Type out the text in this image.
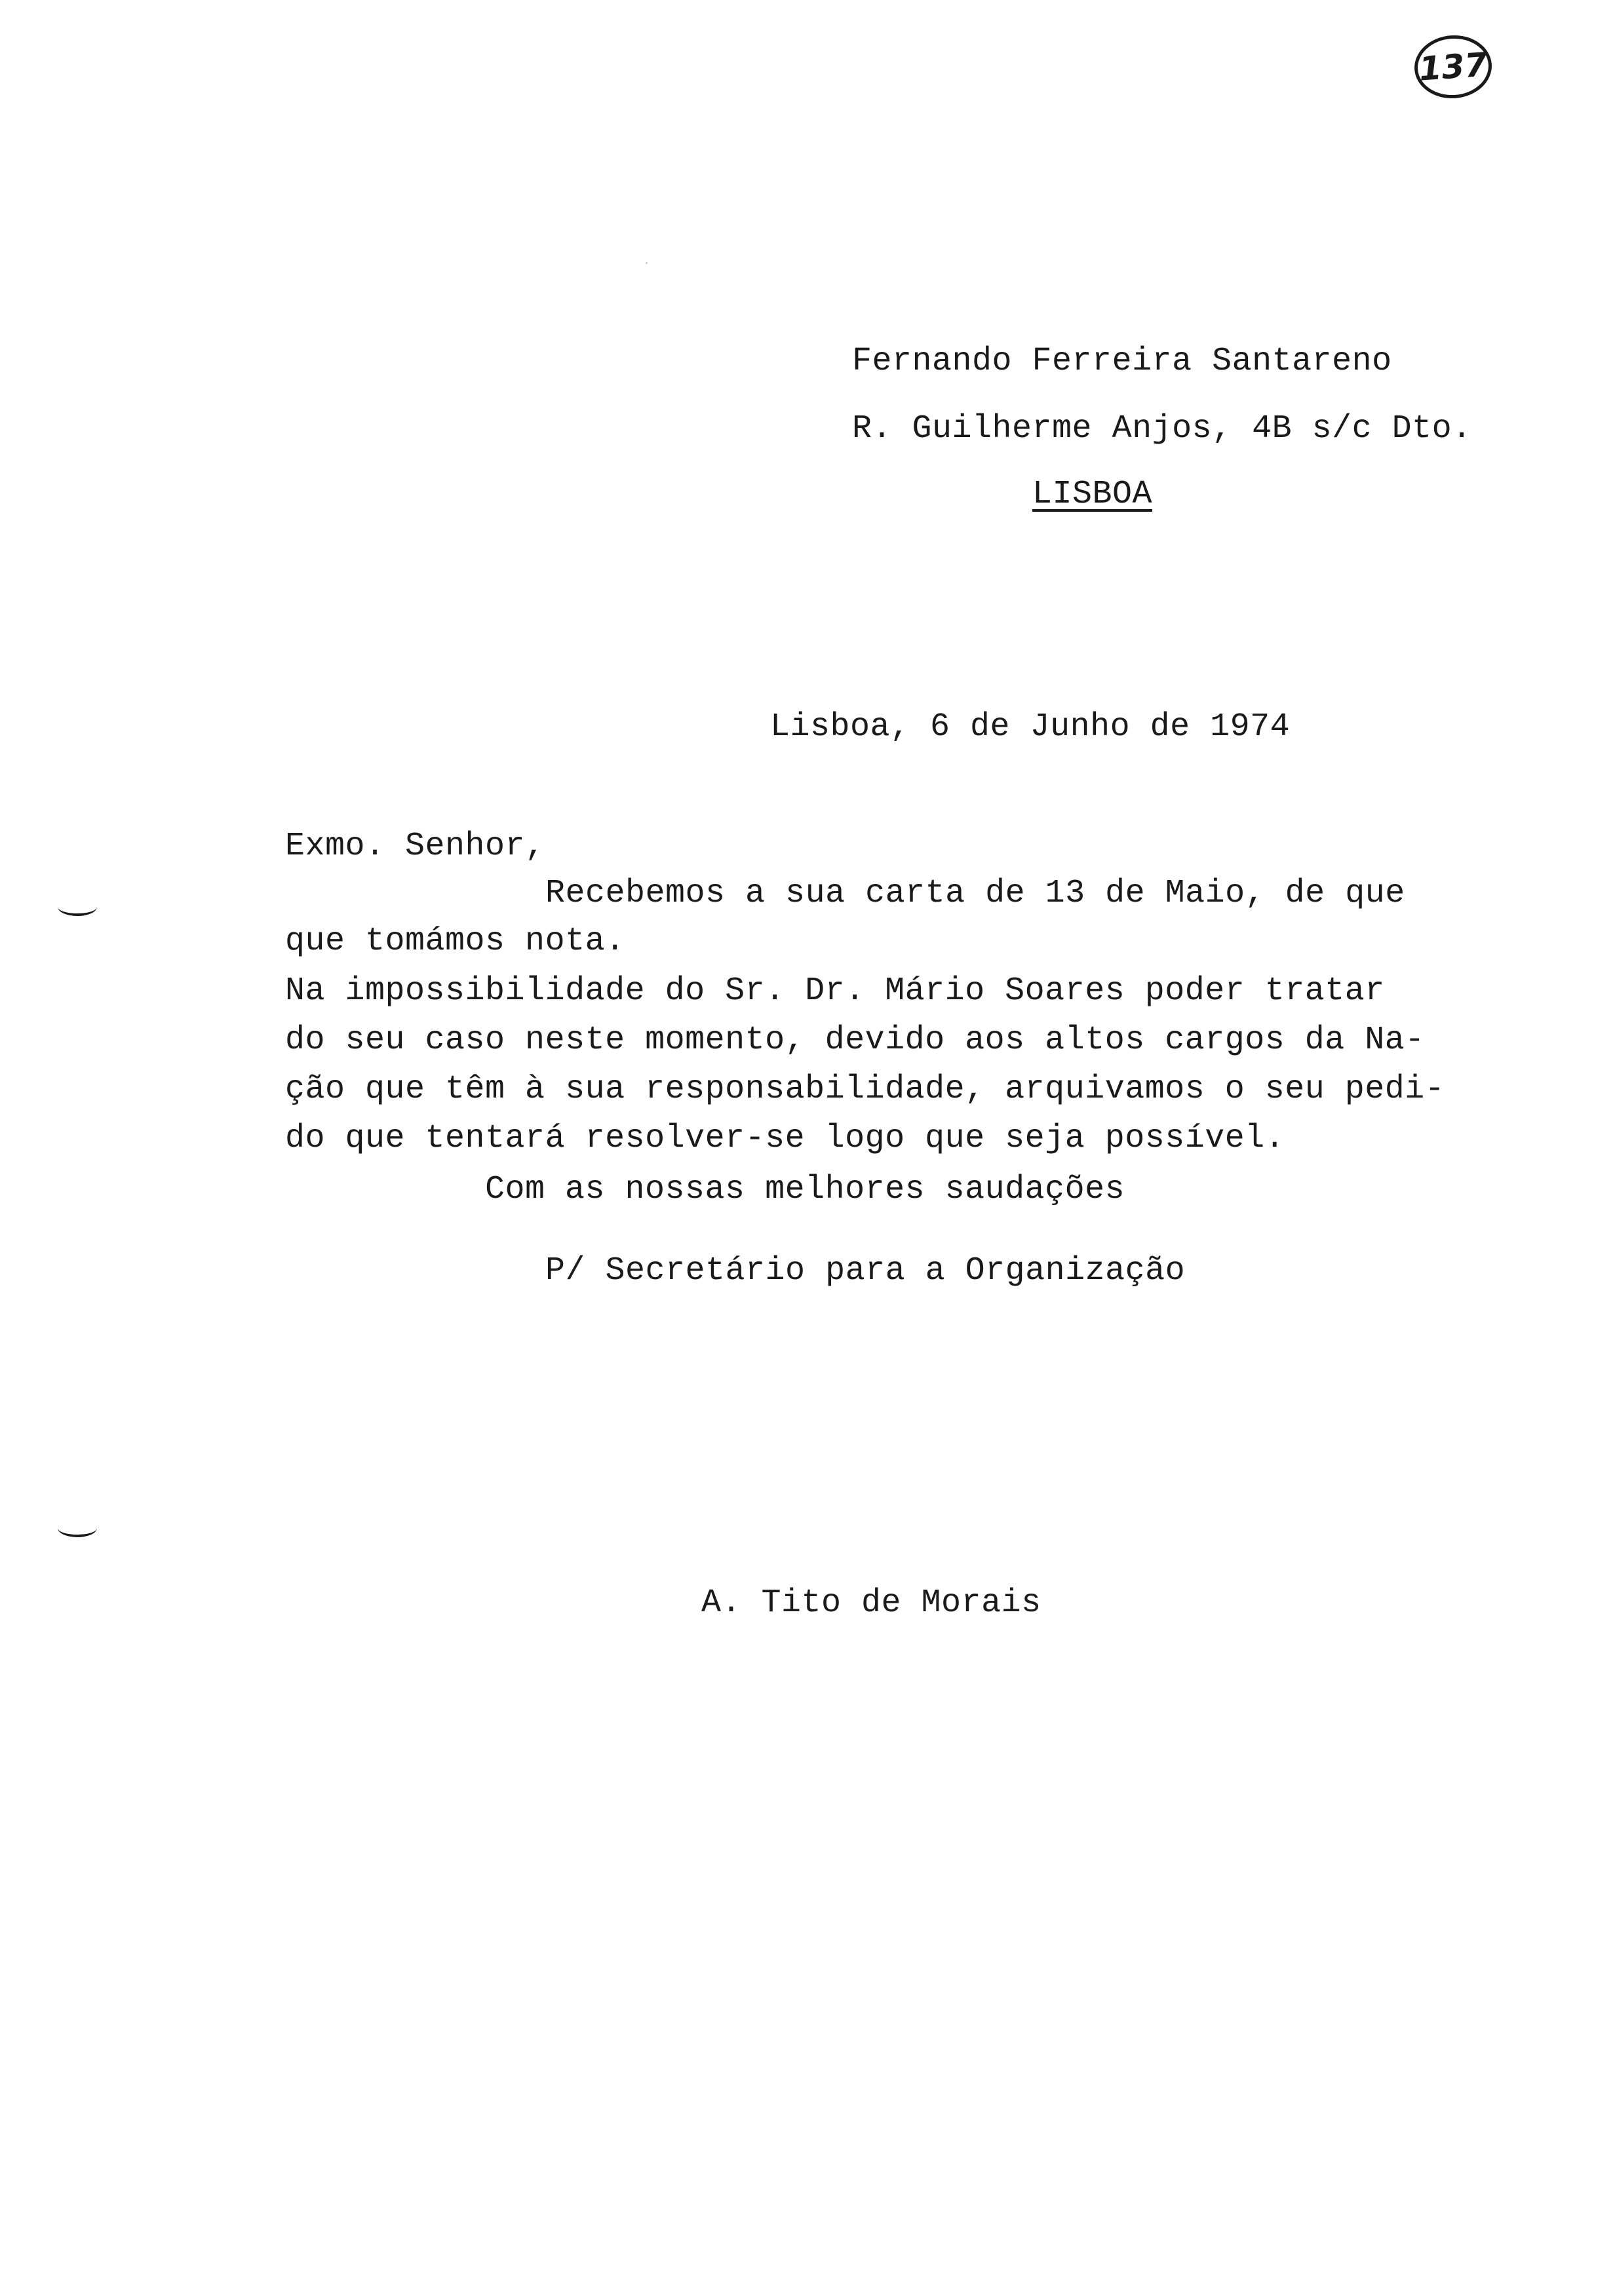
137

Fernando Ferreira Santareno

R. Guilherme Anjos, 4B s/c Dto.

LISBOA

Lisboa, 6 de Junho de 1974

Exmo. Senhor,

Recebemos a sua carta de 13 de Maio, de que

que tomámos nota.

Na impossibilidade do Sr. Dr. Mário Soares poder tratar

do seu caso neste momento, devido aos altos cargos da Na-

ção que têm à sua responsabilidade, arquivamos o seu pedi-

do que tentará resolver-se logo que seja possível.

Com as nossas melhores saudações

P/ Secretário para a Organização

A. Tito de Morais
